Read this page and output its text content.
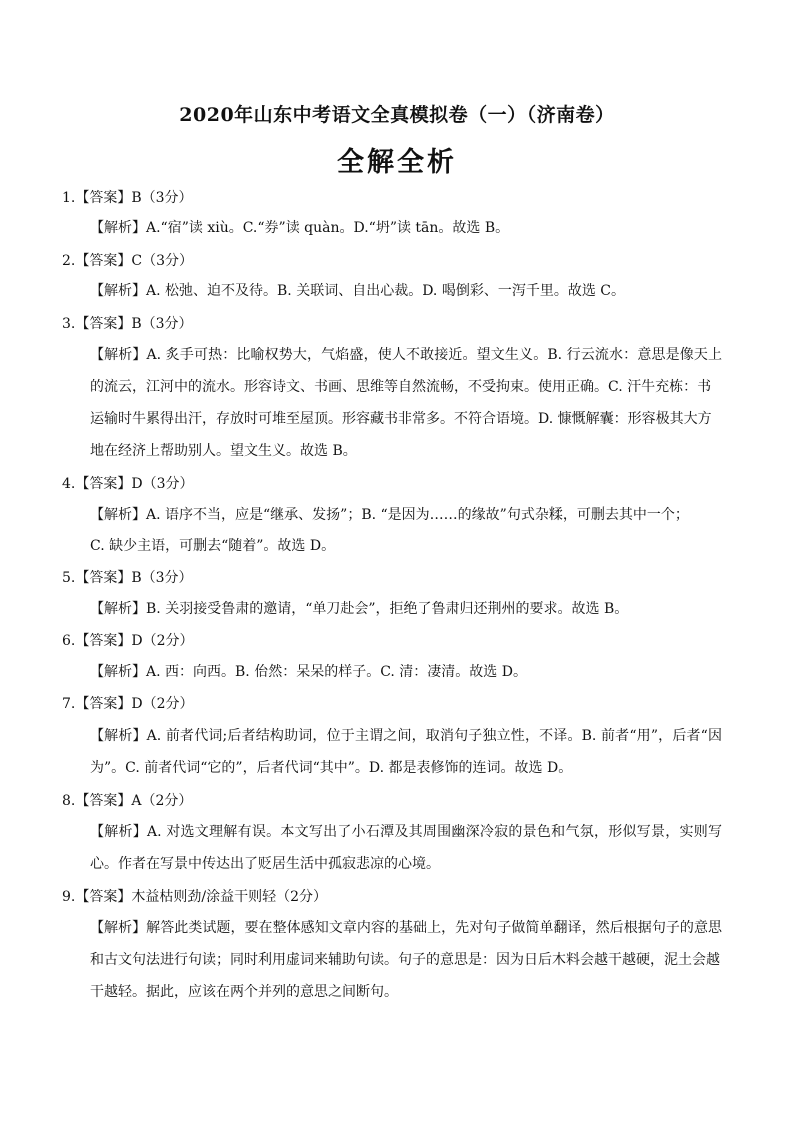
2020年山东中考语文全真模拟卷（一）（济南卷）
全解全析
1.【答案】B（3分）
【解析】A.“宿”读 xiù。C.“券”读 quàn。D.“坍”读 tān。故选 B。
2.【答案】C（3分）
【解析】A. 松弛、迫不及待。B. 关联词、自出心裁。D. 喝倒彩、一泻千里。故选 C。
3.【答案】B（3分）
【解析】A. 炙手可热：比喻权势大，气焰盛，使人不敢接近。望文生义。B. 行云流水：意思是像天上
的流云，江河中的流水。形容诗文、书画、思维等自然流畅，不受拘束。使用正确。C. 汗牛充栋：书
运输时牛累得出汗，存放时可堆至屋顶。形容藏书非常多。不符合语境。D. 慷慨解囊：形容极其大方
地在经济上帮助别人。望文生义。故选 B。
4.【答案】D（3分）
【解析】A. 语序不当，应是“继承、发扬”；B. “是因为……的缘故”句式杂糅，可删去其中一个；
C. 缺少主语，可删去“随着”。故选 D。
5.【答案】B（3分）
【解析】B. 关羽接受鲁肃的邀请，“单刀赴会”，拒绝了鲁肃归还荆州的要求。故选 B。
6.【答案】D（2分）
【解析】A. 西：向西。B. 佁然：呆呆的样子。C. 清：凄清。故选 D。
7.【答案】D（2分）
【解析】A. 前者代词;后者结构助词，位于主谓之间，取消句子独立性，不译。B. 前者“用”，后者“因
为”。C. 前者代词“它的”，后者代词“其中”。D. 都是表修饰的连词。故选 D。
8.【答案】A（2分）
【解析】A. 对选文理解有误。本文写出了小石潭及其周围幽深冷寂的景色和气氛，形似写景，实则写
心。作者在写景中传达出了贬居生活中孤寂悲凉的心境。
9.【答案】木益枯则劲/涂益干则轻（2分）
【解析】解答此类试题，要在整体感知文章内容的基础上，先对句子做简单翻译，然后根据句子的意思
和古文句法进行句读；同时利用虚词来辅助句读。句子的意思是：因为日后木料会越干越硬，泥土会越
干越轻。据此，应该在两个并列的意思之间断句。
